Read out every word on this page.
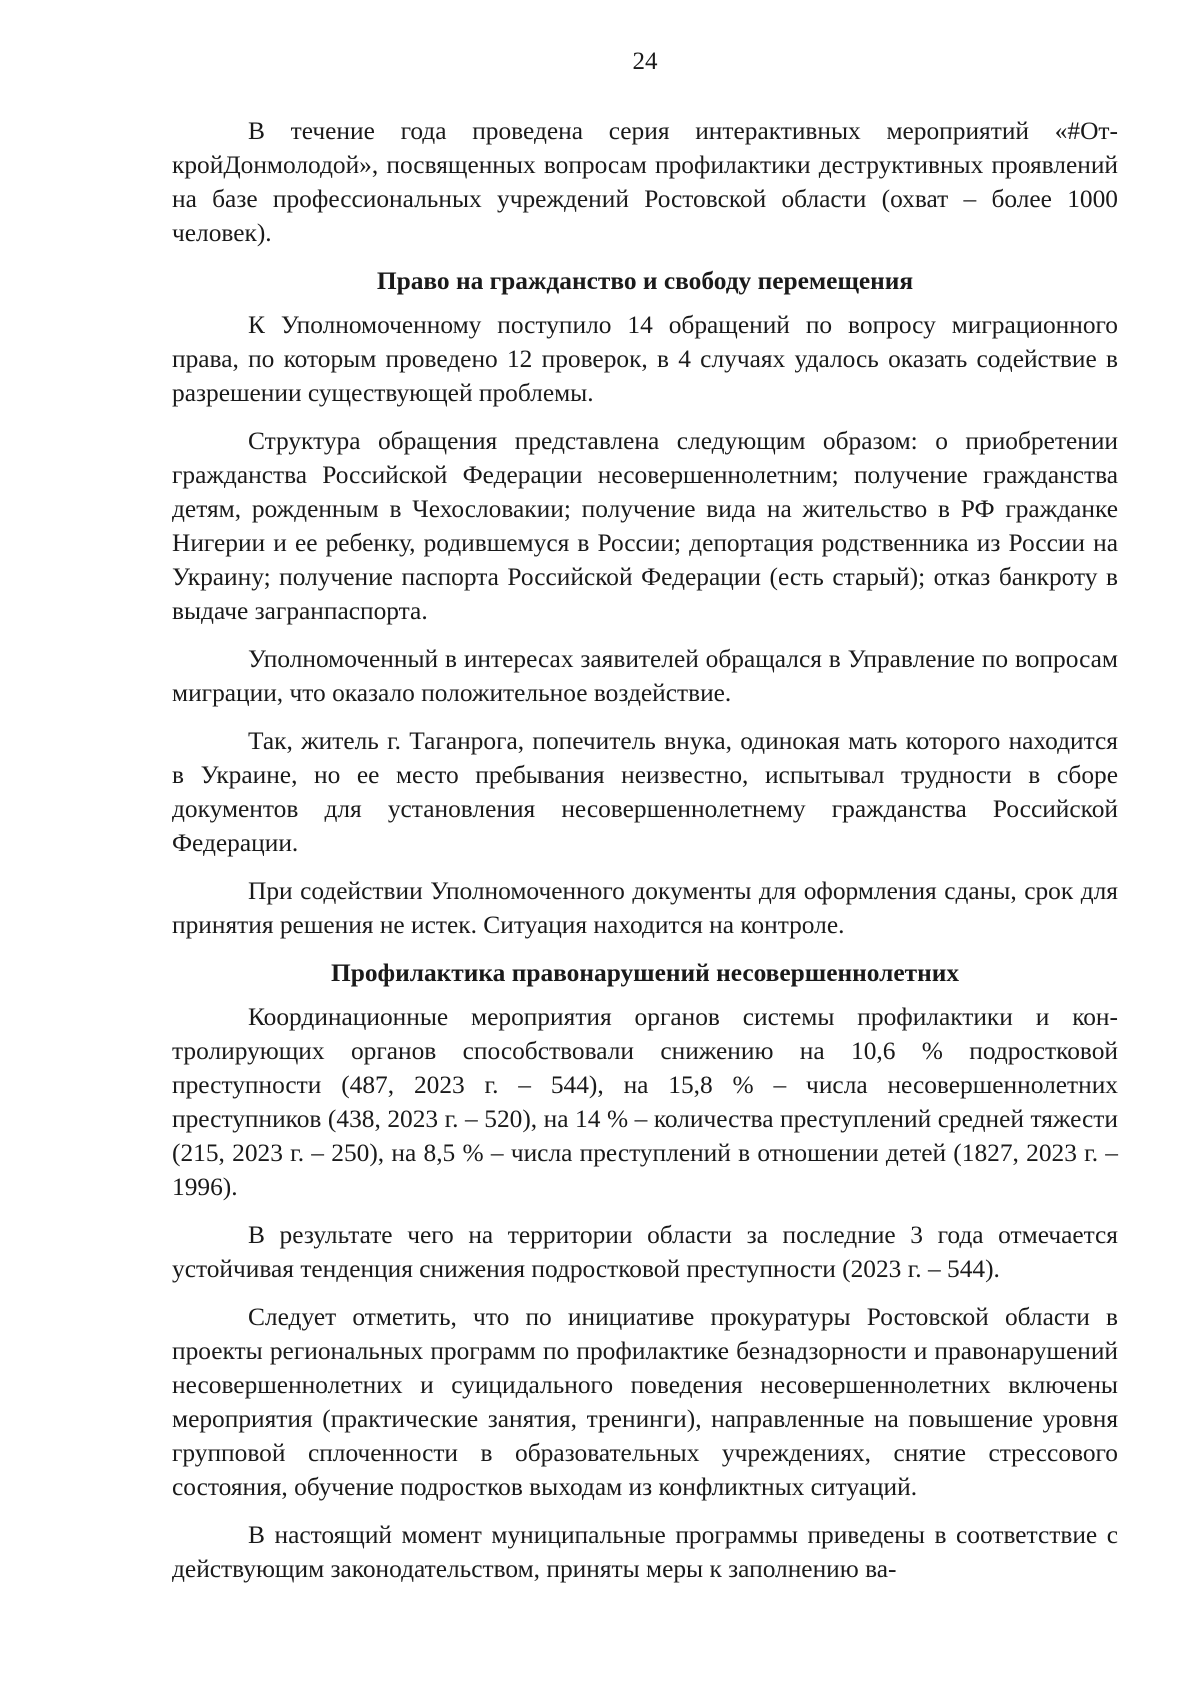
24

В течение года проведена серия интерактивных мероприятий «#ОткройДонмолодой», посвященных вопросам профилактики деструктивных проявлений на базе профессиональных учреждений Ростовской области (охват – более 1000 человек).

Право на гражданство и свободу перемещения

К Уполномоченному поступило 14 обращений по вопросу миграционного права, по которым проведено 12 проверок, в 4 случаях удалось оказать содействие в разрешении существующей проблемы.

Структура обращения представлена следующим образом: о приобретении гражданства Российской Федерации несовершеннолетним; получение гражданства детям, рожденным в Чехословакии; получение вида на жительство в РФ гражданке Нигерии и ее ребенку, родившемуся в России; депортация родственника из России на Украину; получение паспорта Российской Федерации (есть старый); отказ банкроту в выдаче загранпаспорта.

Уполномоченный в интересах заявителей обращался в Управление по вопросам миграции, что оказало положительное воздействие.

Так, житель г. Таганрога, попечитель внука, одинокая мать которого находится в Украине, но ее место пребывания неизвестно, испытывал трудности в сборе документов для установления несовершеннолетнему гражданства Российской Федерации.

При содействии Уполномоченного документы для оформления сданы, срок для принятия решения не истек. Ситуация находится на контроле.

Профилактика правонарушений несовершеннолетних

Координационные мероприятия органов системы профилактики и контролирующих органов способствовали снижению на 10,6 % подростковой преступности (487, 2023 г. – 544), на 15,8 % – числа несовершеннолетних преступников (438, 2023 г. – 520), на 14 % – количества преступлений средней тяжести (215, 2023 г. – 250), на 8,5 % – числа преступлений в отношении детей (1827, 2023 г. – 1996).

В результате чего на территории области за последние 3 года отмечается устойчивая тенденция снижения подростковой преступности (2023 г. – 544).

Следует отметить, что по инициативе прокуратуры Ростовской области в проекты региональных программ по профилактике безнадзорности и правонарушений несовершеннолетних и суицидального поведения несовершеннолетних включены мероприятия (практические занятия, тренинги), направленные на повышение уровня групповой сплоченности в образовательных учреждениях, снятие стрессового состояния, обучение подростков выходам из конфликтных ситуаций.

В настоящий момент муниципальные программы приведены в соответствие с действующим законодательством, приняты меры к заполнению ва-
